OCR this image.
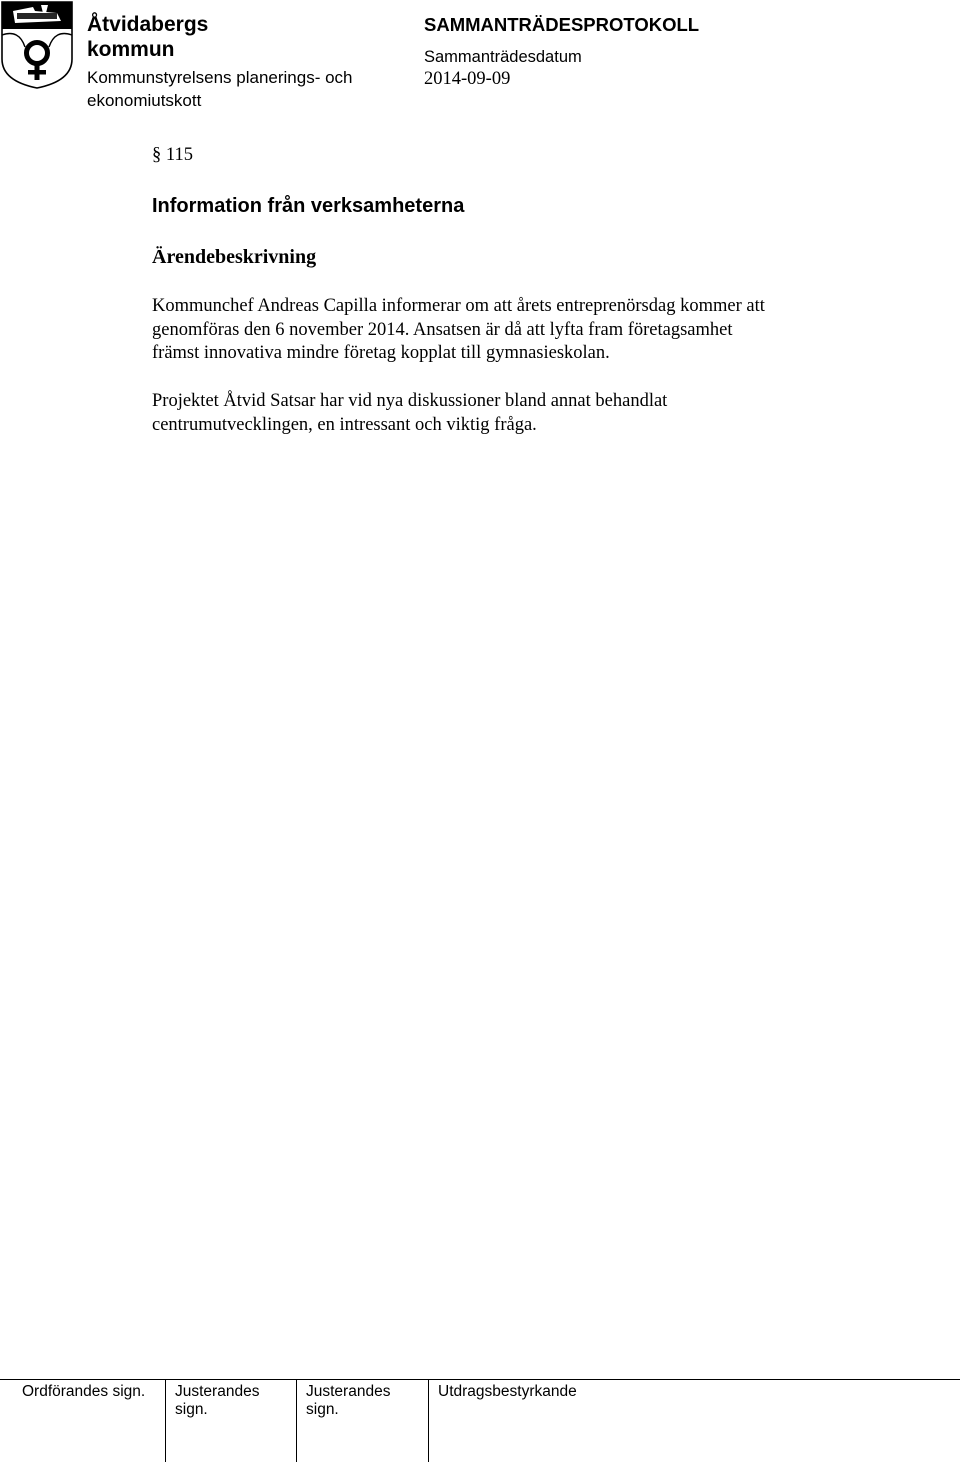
Åtvidabergs
kommun
Kommunstyrelsens planerings- och
ekonomiutskott
SAMMANTRÄDESPROTOKOLL
Sammanträdesdatum
2014-09-09
§ 115
Information från verksamheterna
Ärendebeskrivning

Kommunchef Andreas Capilla informerar om att årets entreprenörsdag kommer att
genomföras den 6 november 2014. Ansatsen är då att lyfta fram företagsamhet
främst innovativa mindre företag kopplat till gymnasieskolan.

Projektet Åtvid Satsar har vid nya diskussioner bland annat behandlat
centrumutvecklingen, en intressant och viktig fråga.

Ordförandes sign.	Justerandes
sign.
Justerandes
sign.
Utdragsbestyrkande
